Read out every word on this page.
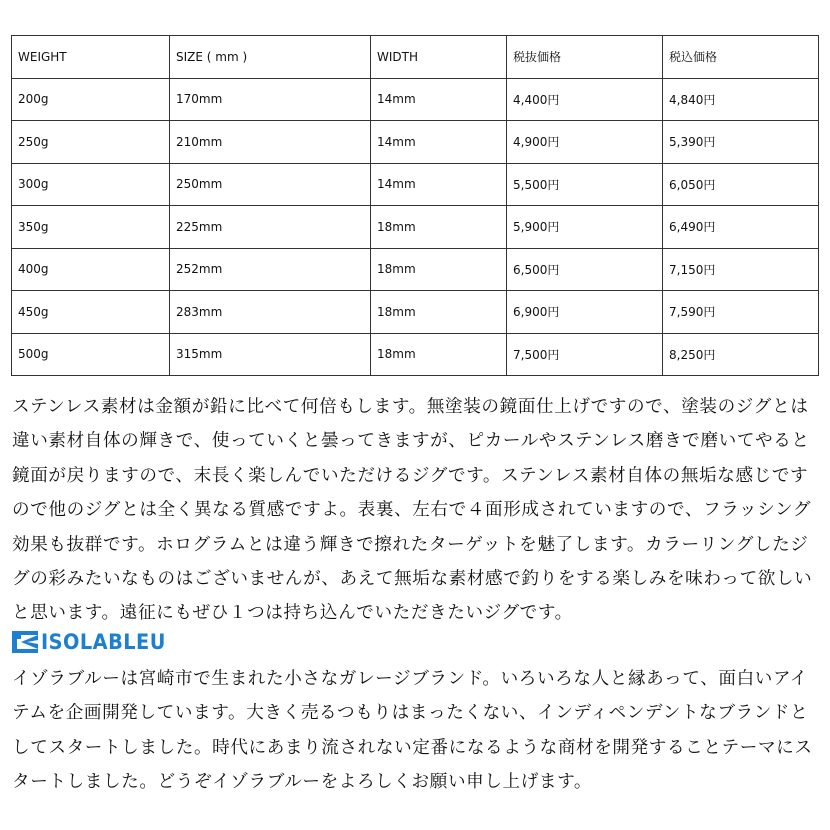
WEIGHT	SIZE ( mm )	WIDTH	税抜価格	税込価格
200g	170mm	14mm	4,400円	4,840円
250g	210mm	14mm	4,900円	5,390円
300g	250mm	14mm	5,500円	6,050円
350g	225mm	18mm	5,900円	6,490円
400g	252mm	18mm	6,500円	7,150円
450g	283mm	18mm	6,900円	7,590円
500g	315mm	18mm	7,500円	8,250円

ステンレス素材は金額が鉛に比べて何倍もします。無塗装の鏡面仕上げですので、塗装のジグとは
違い素材自体の輝きで、使っていくと曇ってきますが、ピカールやステンレス磨きで磨いてやると
鏡面が戻りますので、末長く楽しんでいただけるジグです。ステンレス素材自体の無垢な感じです
ので他のジグとは全く異なる質感ですよ。表裏、左右で４面形成されていますので、フラッシング
効果も抜群です。ホログラムとは違う輝きで擦れたターゲットを魅了します。カラーリングしたジ
グの彩みたいなものはございませんが、あえて無垢な素材感で釣りをする楽しみを味わって欲しい
と思います。遠征にもぜひ１つは持ち込んでいただきたいジグです。

ISOLABLEU

イゾラブルーは宮崎市で生まれた小さなガレージブランド。いろいろな人と縁あって、面白いアイ
テムを企画開発しています。大きく売るつもりはまったくない、インディペンデントなブランドと
してスタートしました。時代にあまり流されない定番になるような商材を開発することテーマにス
タートしました。どうぞイゾラブルーをよろしくお願い申し上げます。
